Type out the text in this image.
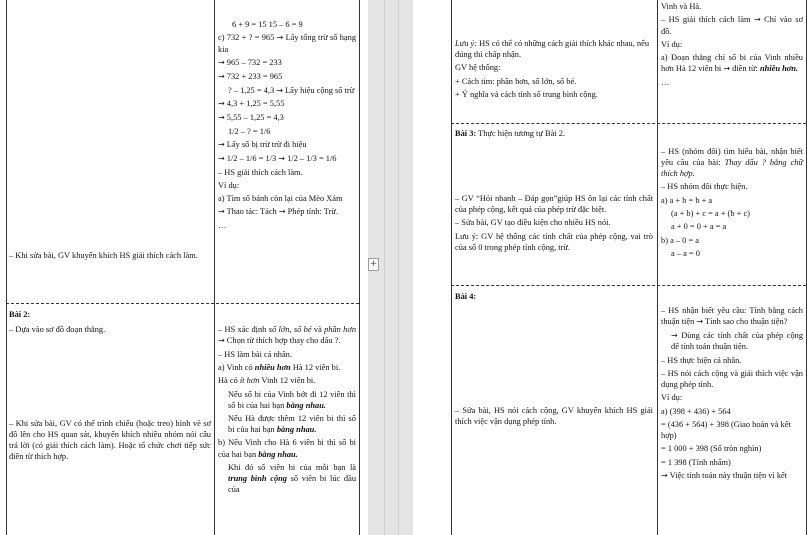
– Khi sửa bài, GV khuyến khích HS giải thích cách làm.

6 + 9 = 15 15 – 6 = 9

c) 732 + ? = 965 → Lấy tổng trừ số hạng kia

→ 965 – 732 = 233

→ 732 + 233 = 965

? – 1,25 = 4,3 → Lấy hiệu cộng số trừ

→ 4,3 + 1,25 = 5,55

→ 5,55 – 1,25 = 4,3

1/2 – ? = 1/6

→ Lấy số bị trừ trừ đi hiệu

→ 1/2 – 1/6 = 1/3 → 1/2 – 1/3 = 1/6

– HS giải thích cách làm.

Ví dụ:

a) Tìm số bánh còn lại của Mèo Xám

→ Thao tác: Tách → Phép tính: Trừ.

…

Bài 2:

– Dựa vào sơ đồ đoạn thẳng.

– Khi sửa bài, GV có thể trình chiếu (hoặc treo) hình vẽ sơ đồ lên cho HS quan sát, khuyến khích nhiều nhóm nói câu trả lời (có giải thích cách làm). Hoặc tổ chức chơi tiếp sức điền từ thích hợp.

– HS xác định số lớn, số bé và phần hơn → Chọn từ thích hợp thay cho dấu ?.

– HS làm bài cá nhân.

a) Vinh có nhiều hơn Hà 12 viên bi.

Hà có ít hơn Vinh 12 viên bi.

Nếu số bi của Vinh bớt đi 12 viên thì số bi của hai bạn bằng nhau.

Nếu Hà được thêm 12 viên bi thì số bi của hai bạn bằng nhau.

b) Nếu Vinh cho Hà 6 viên bi thì số bi của hai bạn bằng nhau.

Khi đó số viên bi của mỗi bạn là trung bình cộng số viên bi lúc đầu của

+

Lưu ý: HS có thể có những cách giải thích khác nhau, nếu đúng thì chấp nhận.

GV hệ thống:

+ Cách tìm: phần hơn, số lớn, số bé.

+ Ý nghĩa và cách tính số trung bình cộng.

Vinh và Hà.

– HS giải thích cách làm → Chỉ vào sơ đồ.

Ví dụ:

a) Đoạn thẳng chỉ số bi của Vinh nhiều hơn Hà 12 viên bi → điền từ: nhiều hơn.

…

Bài 3: Thực hiện tương tự Bài 2.

– GV “Hỏi nhanh – Đáp gọn”giúp HS ôn lại các tính chất của phép cộng, kết quả của phép trừ đặc biệt.

– Sửa bài, GV tạo điều kiện cho nhiều HS nói.

Lưu ý: GV hệ thống các tính chất của phép cộng, vai trò của số 0 trong phép tính cộng, trừ.

– HS (nhóm đôi) tìm hiểu bài, nhận biết yêu cầu của bài: Thay dấu ? bằng chữ thích hợp.

– HS nhóm đôi thực hiện.

a) a + b = b + a

(a + b) + c = a + (b + c)

a + 0 = 0 + a = a

b) a – 0 = a

a – a = 0

Bài 4:

– Sửa bài, HS nói cách cộng, GV khuyến khích HS giải thích việc vận dụng phép tính.

– HS nhận biết yêu cầu: Tính bằng cách thuận tiện → Tính sao cho thuận tiện?

→ Dùng các tính chất của phép cộng để tính toán thuận tiện.

– HS thực hiện cá nhân.

– HS nói cách cộng và giải thích việc vận dụng phép tính.

Ví dụ:

a) (398 + 436) + 564

= (436 + 564) + 398 (Giao hoán và kết hợp)

= 1 000 + 398 (Số tròn nghìn)

= 1 398 (Tính nhẩm)

→ Việc tính toán này thuận tiện vì kết
